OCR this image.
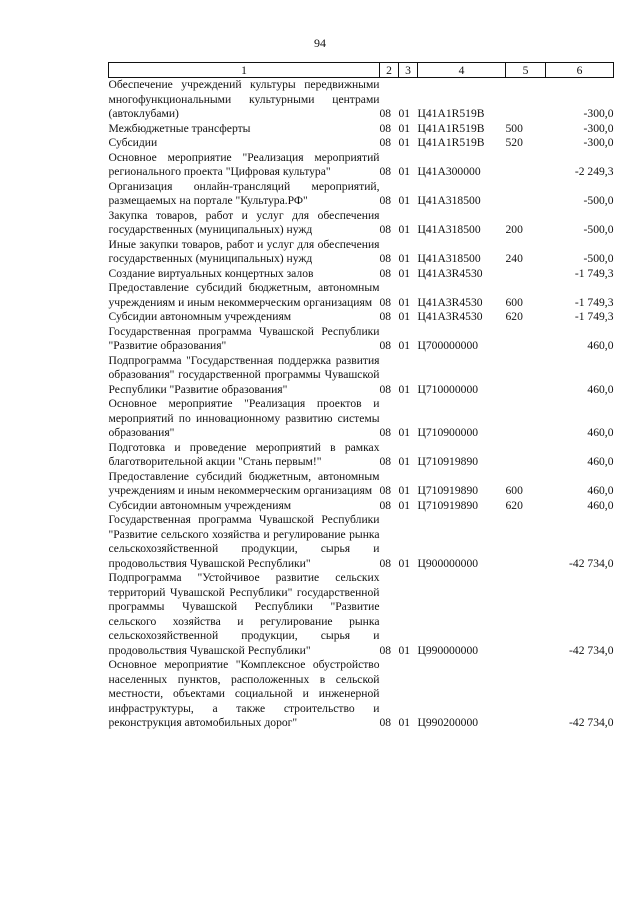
94
1	2	3	4	5	6
Обеспечение учреждений культуры передвижными многофункциональными культурными центрами (автоклубами)	08	01	Ц41А1R519В		-300,0
Межбюджетные трансферты	08	01	Ц41А1R519В	500	-300,0
Субсидии	08	01	Ц41А1R519В	520	-300,0
Основное мероприятие "Реализация мероприятий регионального проекта "Цифровая культура"	08	01	Ц41А300000		-2 249,3
Организация онлайн-трансляций мероприятий, размещаемых на портале "Культура.РФ"	08	01	Ц41А318500		-500,0
Закупка товаров, работ и услуг для обеспечения государственных (муниципальных) нужд	08	01	Ц41А318500	200	-500,0
Иные закупки товаров, работ и услуг для обеспечения государственных (муниципальных) нужд	08	01	Ц41А318500	240	-500,0
Создание виртуальных концертных залов	08	01	Ц41А3R4530		-1 749,3
Предоставление субсидий бюджетным, автономным учреждениям и иным некоммерческим организациям	08	01	Ц41А3R4530	600	-1 749,3
Субсидии автономным учреждениям	08	01	Ц41А3R4530	620	-1 749,3
Государственная программа Чувашской Республики "Развитие образования"	08	01	Ц700000000		460,0
Подпрограмма "Государственная поддержка развития образования" государственной программы Чувашской Республики "Развитие образования"	08	01	Ц710000000		460,0
Основное мероприятие "Реализация проектов и мероприятий по инновационному развитию системы образования"	08	01	Ц710900000		460,0
Подготовка и проведение мероприятий в рамках благотворительной акции "Стань первым!"	08	01	Ц710919890		460,0
Предоставление субсидий бюджетным, автономным учреждениям и иным некоммерческим организациям	08	01	Ц710919890	600	460,0
Субсидии автономным учреждениям	08	01	Ц710919890	620	460,0
Государственная программа Чувашской Республики "Развитие сельского хозяйства и регулирование рынка сельскохозяйственной продукции, сырья и продовольствия Чувашской Республики"	08	01	Ц900000000		-42 734,0
Подпрограмма "Устойчивое развитие сельских территорий Чувашской Республики" государственной программы Чувашской Республики "Развитие сельского хозяйства и регулирование рынка сельскохозяйственной продукции, сырья и продовольствия Чувашской Республики"	08	01	Ц990000000		-42 734,0
Основное мероприятие "Комплексное обустройство населенных пунктов, расположенных в сельской местности, объектами социальной и инженерной инфраструктуры, а также строительство и реконструкция автомобильных дорог"	08	01	Ц990200000		-42 734,0
